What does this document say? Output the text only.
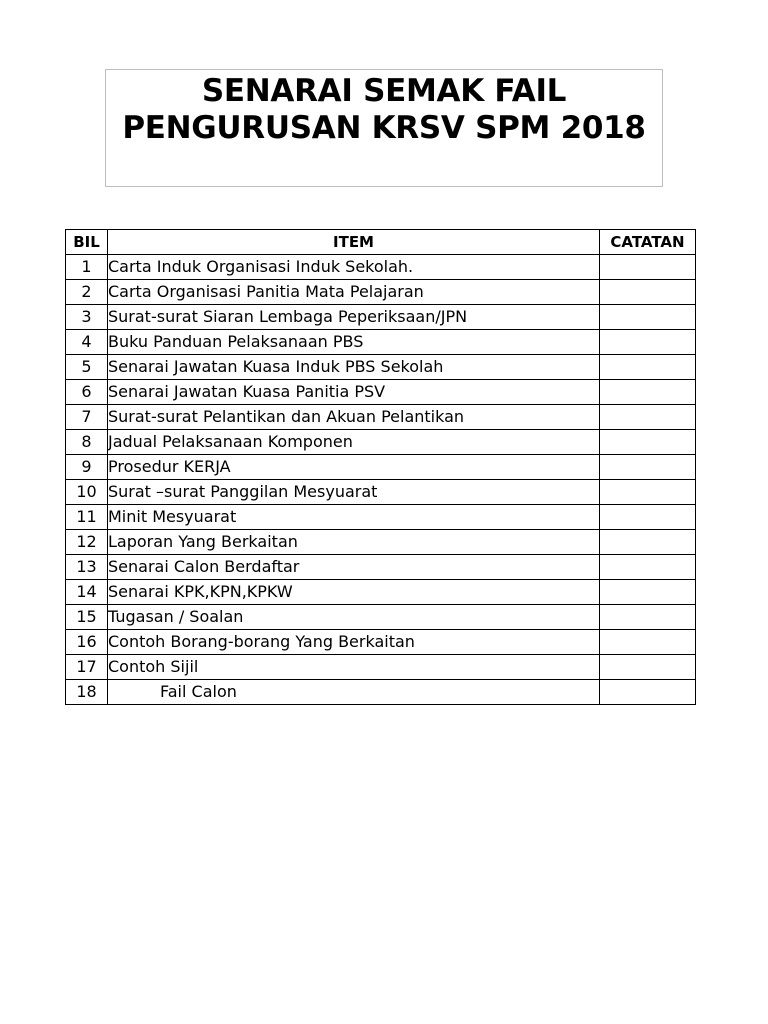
SENARAI SEMAK FAIL
PENGURUSAN KRSV SPM 2018
BIL	ITEM	CATATAN
1	Carta Induk Organisasi Induk Sekolah.	
2	Carta Organisasi Panitia Mata Pelajaran	
3	Surat-surat Siaran Lembaga Peperiksaan/JPN	
4	Buku Panduan Pelaksanaan PBS	
5	Senarai Jawatan Kuasa Induk PBS Sekolah	
6	Senarai Jawatan Kuasa Panitia PSV	
7	Surat-surat Pelantikan dan Akuan Pelantikan	
8	Jadual Pelaksanaan Komponen	
9	Prosedur KERJA	
10	Surat –surat Panggilan Mesyuarat	
11	Minit Mesyuarat	
12	Laporan Yang Berkaitan	
13	Senarai Calon Berdaftar	
14	Senarai KPK,KPN,KPKW	
15	Tugasan / Soalan	
16	Contoh Borang-borang Yang Berkaitan	
17	Contoh Sijil	
18	Fail Calon	
